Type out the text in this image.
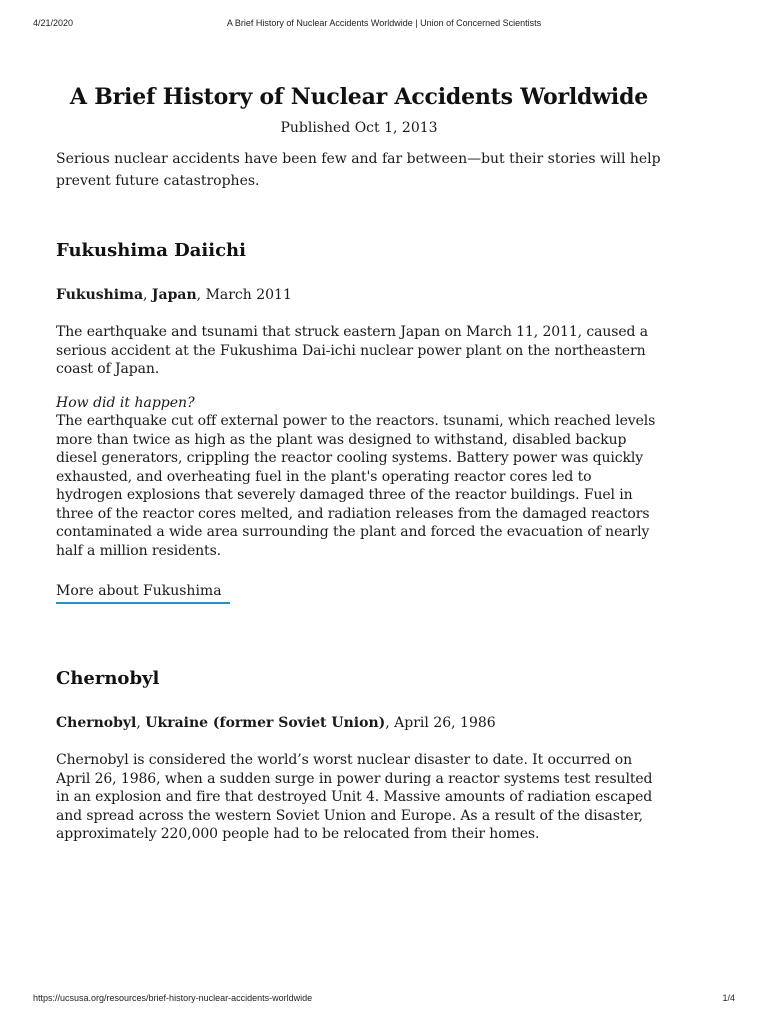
A Brief History of Nuclear Accidents Worldwide | Union of Concerned Scientists
4/21/2020
A Brief History of Nuclear Accidents Worldwide
Published Oct 1, 2013
Serious nuclear accidents have been few and far between—but their stories will help prevent future catastrophes.
Fukushima Daiichi
Fukushima, Japan, March 2011
The earthquake and tsunami that struck eastern Japan on March 11, 2011, caused a serious accident at the Fukushima Dai-ichi nuclear power plant on the northeastern coast of Japan.
How did it happen?
The earthquake cut off external power to the reactors. tsunami, which reached levels more than twice as high as the plant was designed to withstand, disabled backup diesel generators, crippling the reactor cooling systems. Battery power was quickly exhausted, and overheating fuel in the plant's operating reactor cores led to hydrogen explosions that severely damaged three of the reactor buildings. Fuel in three of the reactor cores melted, and radiation releases from the damaged reactors contaminated a wide area surrounding the plant and forced the evacuation of nearly half a million residents.
More about Fukushima
Chernobyl
Chernobyl, Ukraine (former Soviet Union), April 26, 1986
Chernobyl is considered the world’s worst nuclear disaster to date. It occurred on April 26, 1986, when a sudden surge in power during a reactor systems test resulted in an explosion and fire that destroyed Unit 4. Massive amounts of radiation escaped and spread across the western Soviet Union and Europe. As a result of the disaster, approximately 220,000 people had to be relocated from their homes.
https://ucsusa.org/resources/brief-history-nuclear-accidents-worldwide	1/4
